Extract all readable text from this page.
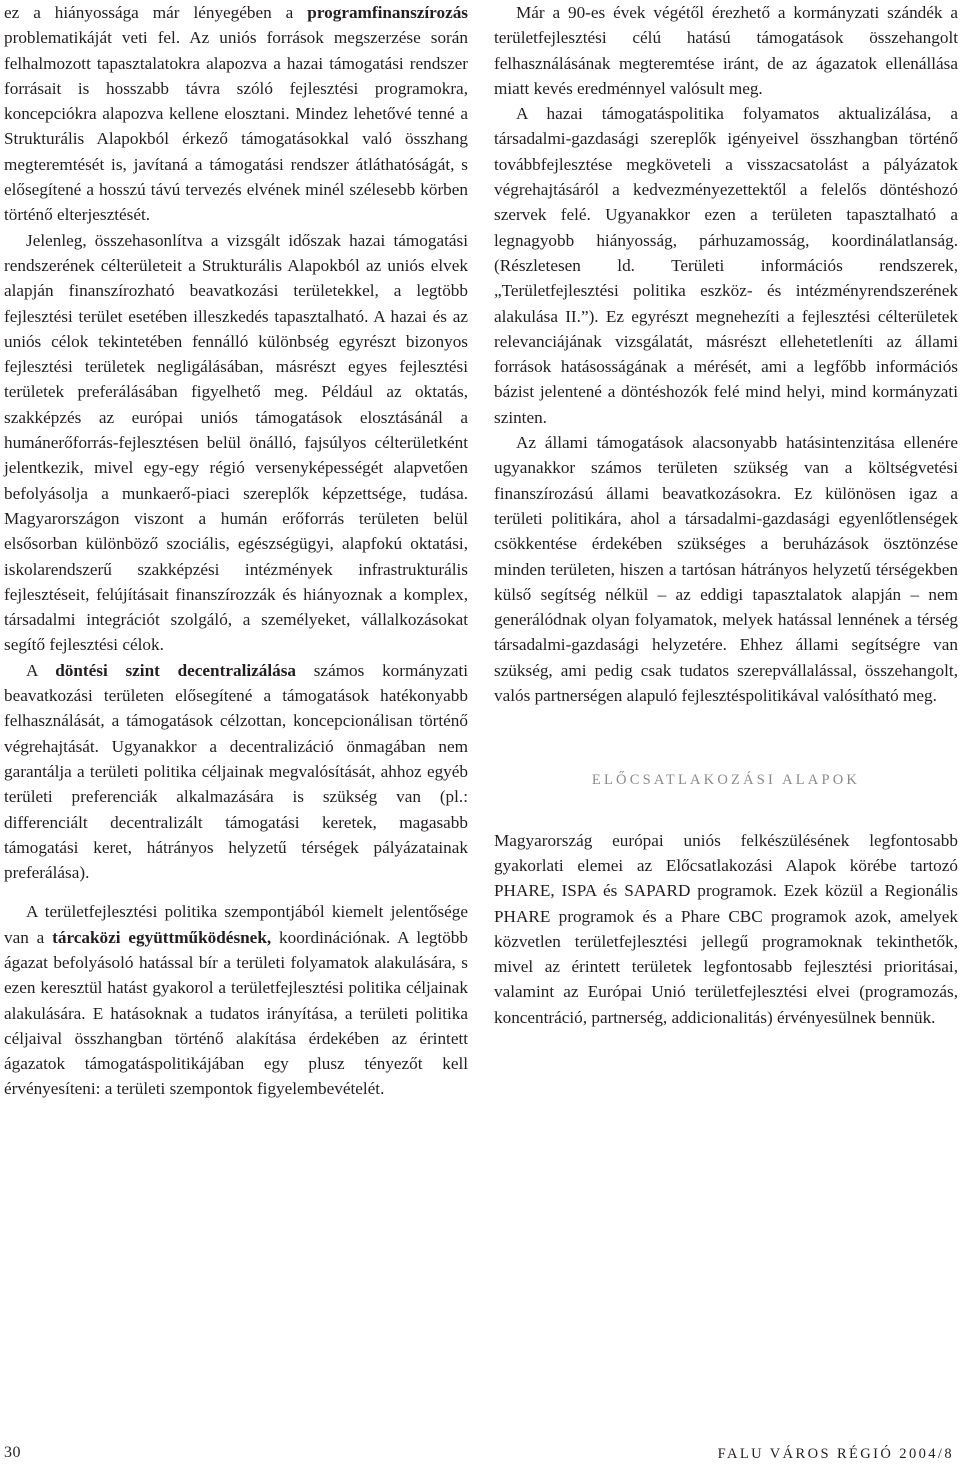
ez a hiányossága már lényegében a programfinanszírozás problematikáját veti fel. Az uniós források megszerzése során felhalmozott tapasztalatokra alapozva a hazai támogatási rendszer forrásait is hosszabb távra szóló fejlesztési programokra, koncepciókra alapozva kellene elosztani. Mindez lehetővé tenné a Strukturális Alapokból érkező támogatásokkal való összhang megteremtését is, javítaná a támogatási rendszer átláthatóságát, s elősegítené a hosszú távú tervezés elvének minél szélesebb körben történő elterjesztését.

Jelenleg, összehasonlítva a vizsgált időszak hazai támogatási rendszerének célterületeit a Strukturális Alapokból az uniós elvek alapján finanszírozható beavatkozási területekkel, a legtöbb fejlesztési terület esetében illeszkedés tapasztalható. A hazai és az uniós célok tekintetében fennálló különbség egyrészt bizonyos fejlesztési területek negligálásában, másrészt egyes fejlesztési területek preferálásában figyelhető meg. Például az oktatás, szakképzés az európai uniós támogatások elosztásánál a humánerőforrás-fejlesztésen belül önálló, fajsúlyos célterületként jelentkezik, mivel egy-egy régió versenyképességét alapvetően befolyásolja a munkaerő-piaci szereplők képzettsége, tudása. Magyarországon viszont a humán erőforrás területen belül elsősorban különböző szociális, egészségügyi, alapfokú oktatási, iskolarendszerű szakképzési intézmények infrastrukturális fejlesztéseit, felújításait finanszírozzák és hiányoznak a komplex, társadalmi integrációt szolgáló, a személyeket, vállalkozásokat segítő fejlesztési célok.

A döntési szint decentralizálása számos kormányzati beavatkozási területen elősegítené a támogatások hatékonyabb felhasználását, a támogatások célzottan, koncepcionálisan történő végrehajtását. Ugyanakkor a decentralizáció önmagában nem garantálja a területi politika céljainak megvalósítását, ahhoz egyéb területi preferenciák alkalmazására is szükség van (pl.: differenciált decentralizált támogatási keretek, magasabb támogatási keret, hátrányos helyzetű térségek pályázatainak preferálása).

A területfejlesztési politika szempontjából kiemelt jelentősége van a tárcaközi együttműködésnek, koordinációnak. A legtöbb ágazat befolyásoló hatással bír a területi folyamatok alakulására, s ezen keresztül hatást gyakorol a területfejlesztési politika céljainak alakulására. E hatásoknak a tudatos irányítása, a területi politika céljaival összhangban történő alakítása érdekében az érintett ágazatok támogatáspolitikájában egy plusz tényezőt kell érvényesíteni: a területi szempontok figyelembevételét.

Már a 90-es évek végétől érezhető a kormányzati szándék a területfejlesztési célú hatású támogatások összehangolt felhasználásának megteremtése iránt, de az ágazatok ellenállása miatt kevés eredménnyel valósult meg.

A hazai támogatáspolitika folyamatos aktualizálása, a társadalmi-gazdasági szereplők igényeivel összhangban történő továbbfejlesztése megköveteli a visszacsatolást a pályázatok végrehajtásáról a kedvezményezettektől a felelős döntéshozó szervek felé. Ugyanakkor ezen a területen tapasztalható a legnagyobb hiányosság, párhuzamosság, koordinálatlanság. (Részletesen ld. Területi információs rendszerek, „Területfejlesztési politika eszköz- és intézményrendszerének alakulása II.”). Ez egyrészt megnehezíti a fejlesztési célterületek relevanciájának vizsgálatát, másrészt ellehetetleníti az állami források hatásosságának a mérését, ami a legfőbb információs bázist jelentené a döntéshozók felé mind helyi, mind kormányzati szinten.

Az állami támogatások alacsonyabb hatásintenzitása ellenére ugyanakkor számos területen szükség van a költségvetési finanszírozású állami beavatkozásokra. Ez különösen igaz a területi politikára, ahol a társadalmi-gazdasági egyenlőtlenségek csökkentése érdekében szükséges a beruházások ösztönzése minden területen, hiszen a tartósan hátrányos helyzetű térségekben külső segítség nélkül – az eddigi tapasztalatok alapján – nem generálódnak olyan folyamatok, melyek hatással lennének a térség társadalmi-gazdasági helyzetére. Ehhez állami segítségre van szükség, ami pedig csak tudatos szerepvállalással, összehangolt, valós partnerségen alapuló fejlesztéspolitikával valósítható meg.

ELŐCSATLAKOZÁSI ALAPOK

Magyarország európai uniós felkészülésének legfontosabb gyakorlati elemei az Előcsatlakozási Alapok körébe tartozó PHARE, ISPA és SAPARD programok. Ezek közül a Regionális PHARE programok és a Phare CBC programok azok, amelyek közvetlen területfejlesztési jellegű programoknak tekinthetők, mivel az érintett területek legfontosabb fejlesztési prioritásai, valamint az Európai Unió területfejlesztési elvei (programozás, koncentráció, partnerség, addicionalitás) érvényesülnek bennük.

30	FALU VÁROS RÉGIÓ 2004/8
